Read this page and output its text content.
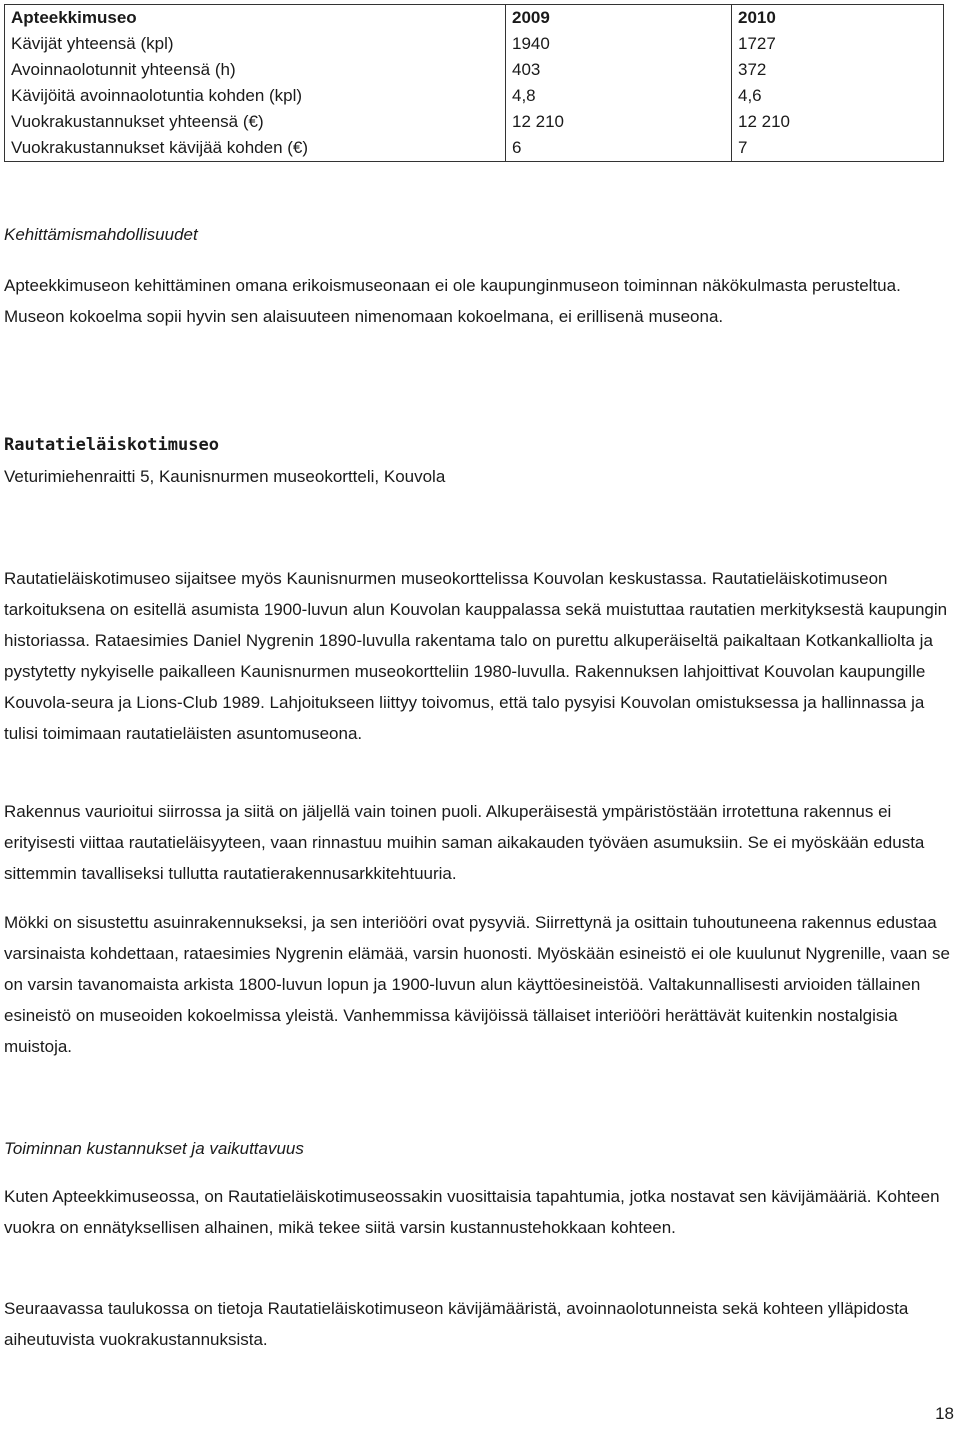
Apteekkimuseo	2009	2010
Kävijät yhteensä (kpl)	1940	1727
Avoinnaolotunnit yhteensä (h)	403	372
Kävijöitä avoinnaolotuntia kohden (kpl)	4,8	4,6
Vuokrakustannukset yhteensä (€)	12 210	12 210
Vuokrakustannukset kävijää kohden (€)	6	7
Kehittämismahdollisuudet

Apteekkimuseon kehittäminen omana erikoismuseonaan ei ole kaupunginmuseon toiminnan näkökulmasta perusteltua. Museon kokoelma sopii hyvin sen alaisuuteen nimenomaan kokoelmana, ei erillisenä museona.

Rautatieläiskotimuseo
Veturimiehenraitti 5, Kaunisnurmen museokortteli, Kouvola

Rautatieläiskotimuseo sijaitsee myös Kaunisnurmen museokorttelissa Kouvolan keskustassa. Rautatieläiskotimuseon tarkoituksena on esitellä asumista 1900-luvun alun Kouvolan kauppalassa sekä muistuttaa rautatien merkityksestä kaupungin historiassa. Rataesimies Daniel Nygrenin 1890-luvulla rakentama talo on purettu alkuperäiseltä paikaltaan Kotkankalliolta ja pystytetty nykyiselle paikalleen Kaunisnurmen museokortteliin 1980-luvulla. Rakennuksen lahjoittivat Kouvolan kaupungille Kouvola-seura ja Lions-Club 1989. Lahjoitukseen liittyy toivomus, että talo pysyisi Kouvolan omistuksessa ja hallinnassa ja tulisi toimimaan rautatieläisten asuntomuseona.

Rakennus vaurioitui siirrossa ja siitä on jäljellä vain toinen puoli. Alkuperäisestä ympäristöstään irrotettuna rakennus ei erityisesti viittaa rautatieläisyyteen, vaan rinnastuu muihin saman aikakauden työväen asumuksiin. Se ei myöskään edusta sittemmin tavalliseksi tullutta rautatierakennusarkkitehtuuria.

Mökki on sisustettu asuinrakennukseksi, ja sen interiööri ovat pysyviä. Siirrettynä ja osittain tuhoutuneena rakennus edustaa varsinaista kohdettaan, rataesimies Nygrenin elämää, varsin huonosti. Myöskään esineistö ei ole kuulunut Nygrenille, vaan se on varsin tavanomaista arkista 1800-luvun lopun ja 1900-luvun alun käyttöesineistöä. Valtakunnallisesti arvioiden tällainen esineistö on museoiden kokoelmissa yleistä. Vanhemmissa kävijöissä tällaiset interiööri herättävät kuitenkin nostalgisia muistoja.

Toiminnan kustannukset ja vaikuttavuus

Kuten Apteekkimuseossa, on Rautatieläiskotimuseossakin vuosittaisia tapahtumia, jotka nostavat sen kävijämääriä. Kohteen vuokra on ennätyksellisen alhainen, mikä tekee siitä varsin kustannustehokkaan kohteen.

Seuraavassa taulukossa on tietoja Rautatieläiskotimuseon kävijämääristä, avoinnaolotunneista sekä kohteen ylläpidosta aiheutuvista vuokrakustannuksista.

18
